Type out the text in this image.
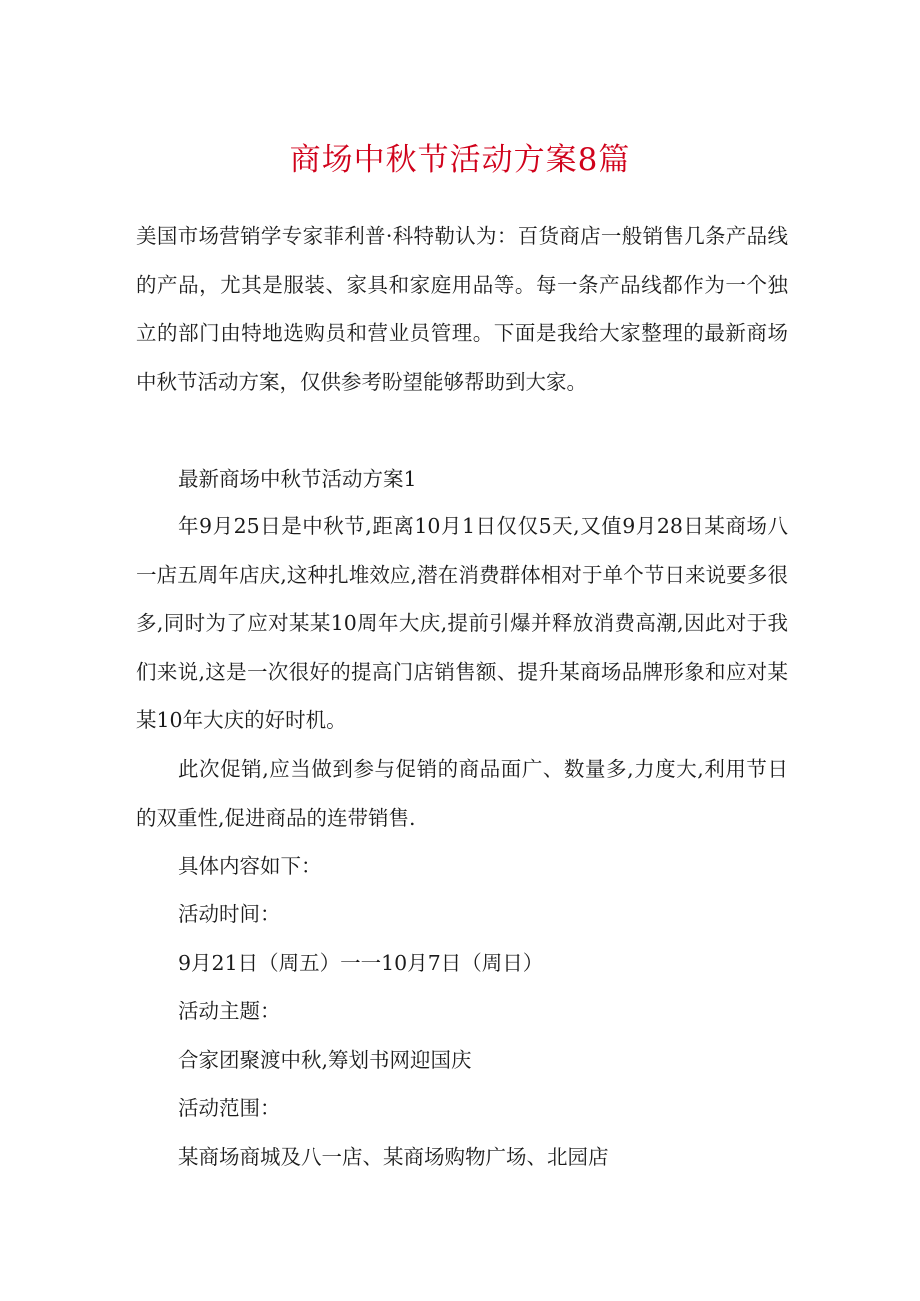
商场中秋节活动方案8篇

美国市场营销学专家菲利普·科特勒认为：百货商店一般销售几条产品线的产品，尤其是服装、家具和家庭用品等。每一条产品线都作为一个独立的部门由特地选购员和营业员管理。下面是我给大家整理的最新商场中秋节活动方案，仅供参考盼望能够帮助到大家。

最新商场中秋节活动方案1

年9月25日是中秋节,距离10月1日仅仅5天,又值9月28日某商场八一店五周年店庆,这种扎堆效应,潜在消费群体相对于单个节日来说要多很多,同时为了应对某某10周年大庆,提前引爆并释放消费高潮,因此对于我们来说,这是一次很好的提高门店销售额、提升某商场品牌形象和应对某某10年大庆的好时机。

此次促销,应当做到参与促销的商品面广、数量多,力度大,利用节日的双重性,促进商品的连带销售.

具体内容如下：

活动时间：

9月21日（周五）一一10月7日（周日）

活动主题：

合家团聚渡中秋,筹划书网迎国庆

活动范围：

某商场商城及八一店、某商场购物广场、北园店
